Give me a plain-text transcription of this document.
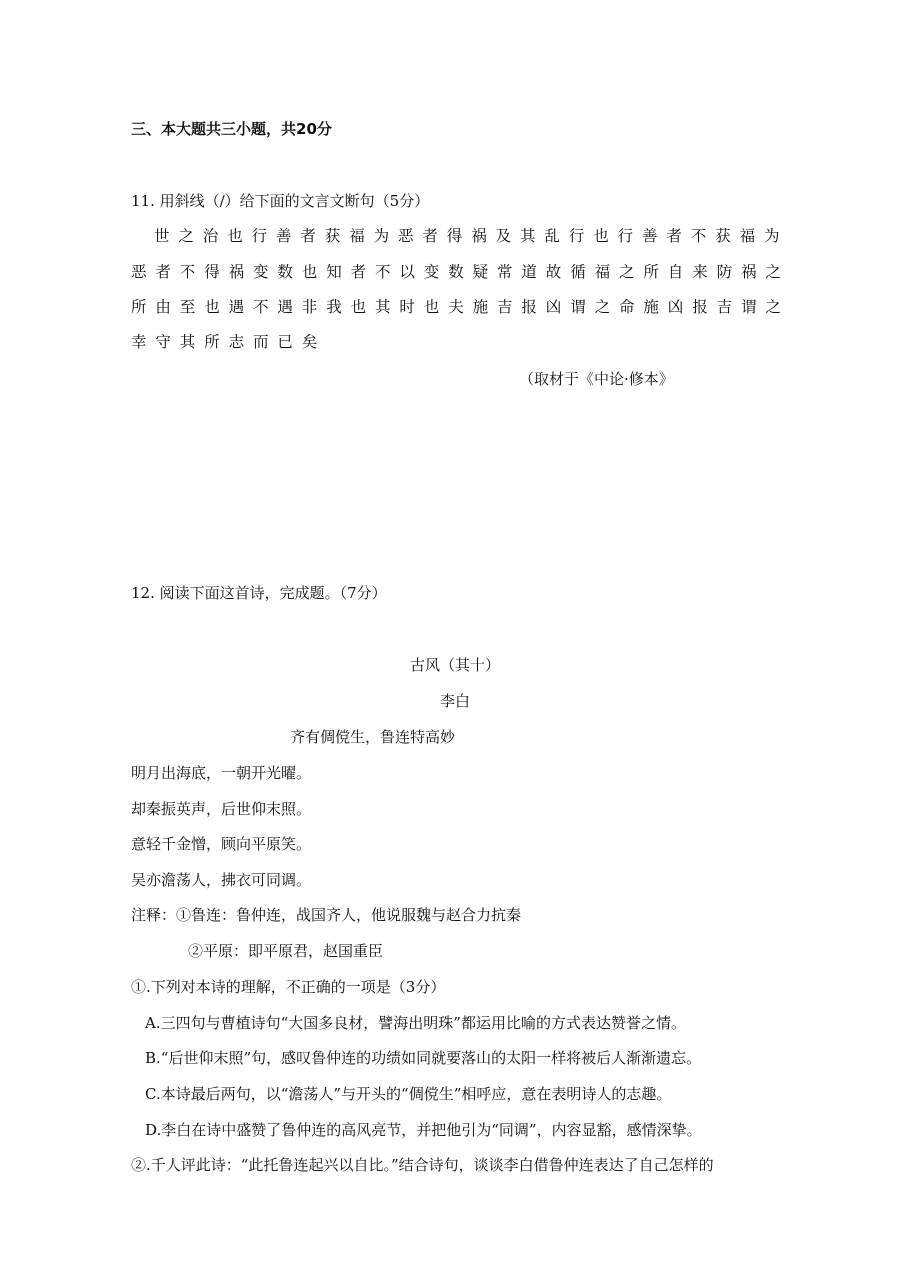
三、本大题共三小题，共20分
11. 用斜线（/）给下面的文言文断句（5分）
世之治也行善者获福为恶者得祸及其乱行也行善者不获福为
恶者不得祸变数也知者不以变数疑常道故循福之所自来防祸之
所由至也遇不遇非我也其时也夫施吉报凶谓之命施凶报吉谓之
幸守其所志而已矣
（取材于《中论·修本》
12. 阅读下面这首诗，完成题。（7分）
古风（其十）
李白
齐有倜傥生，鲁连特高妙
明月出海底，一朝开光曜。
却秦振英声，后世仰末照。
意轻千金憎，顾向平原笑。
吴亦澹荡人，拂衣可同调。
注释：①鲁连：鲁仲连，战国齐人，他说服魏与赵合力抗秦
②平原：即平原君，赵国重臣
①.下列对本诗的理解，不正确的一项是（3分）
A.三四句与曹植诗句“大国多良材，譬海出明珠”都运用比喻的方式表达赞誉之情。
B.“后世仰末照”句，感叹鲁仲连的功绩如同就要落山的太阳一样将被后人渐渐遗忘。
C.本诗最后两句，以“澹荡人”与开头的“倜傥生”相呼应，意在表明诗人的志趣。
D.李白在诗中盛赞了鲁仲连的高风亮节，并把他引为“同调”，内容显豁，感情深挚。
②.千人评此诗：“此托鲁连起兴以自比。”结合诗句，谈谈李白借鲁仲连表达了自己怎样的
